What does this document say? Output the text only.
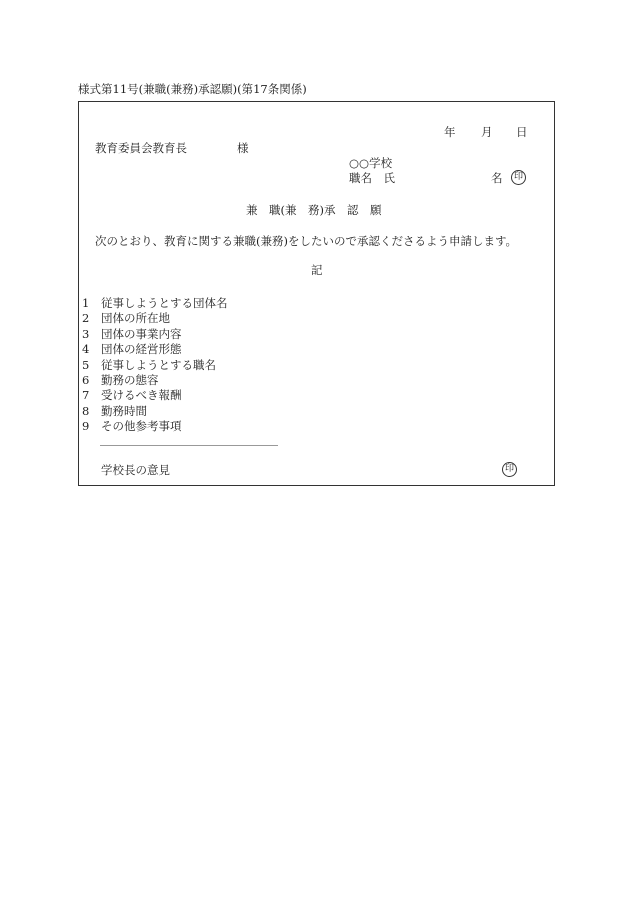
様式第11号(兼職(兼務)承認願)(第17条関係)
年 月 日
教育委員会教育長	様
○○学校
職名　氏	名	印
兼　職(兼　務)承　認　願
次のとおり、教育に関する兼職(兼務)をしたいので承認くださるよう申請します。
記
1 従事しようとする団体名
2 団体の所在地
3 団体の事業内容
4 団体の経営形態
5 従事しようとする職名
6 勤務の態容
7 受けるべき報酬
8 勤務時間
9 その他参考事項
学校長の意見	印
